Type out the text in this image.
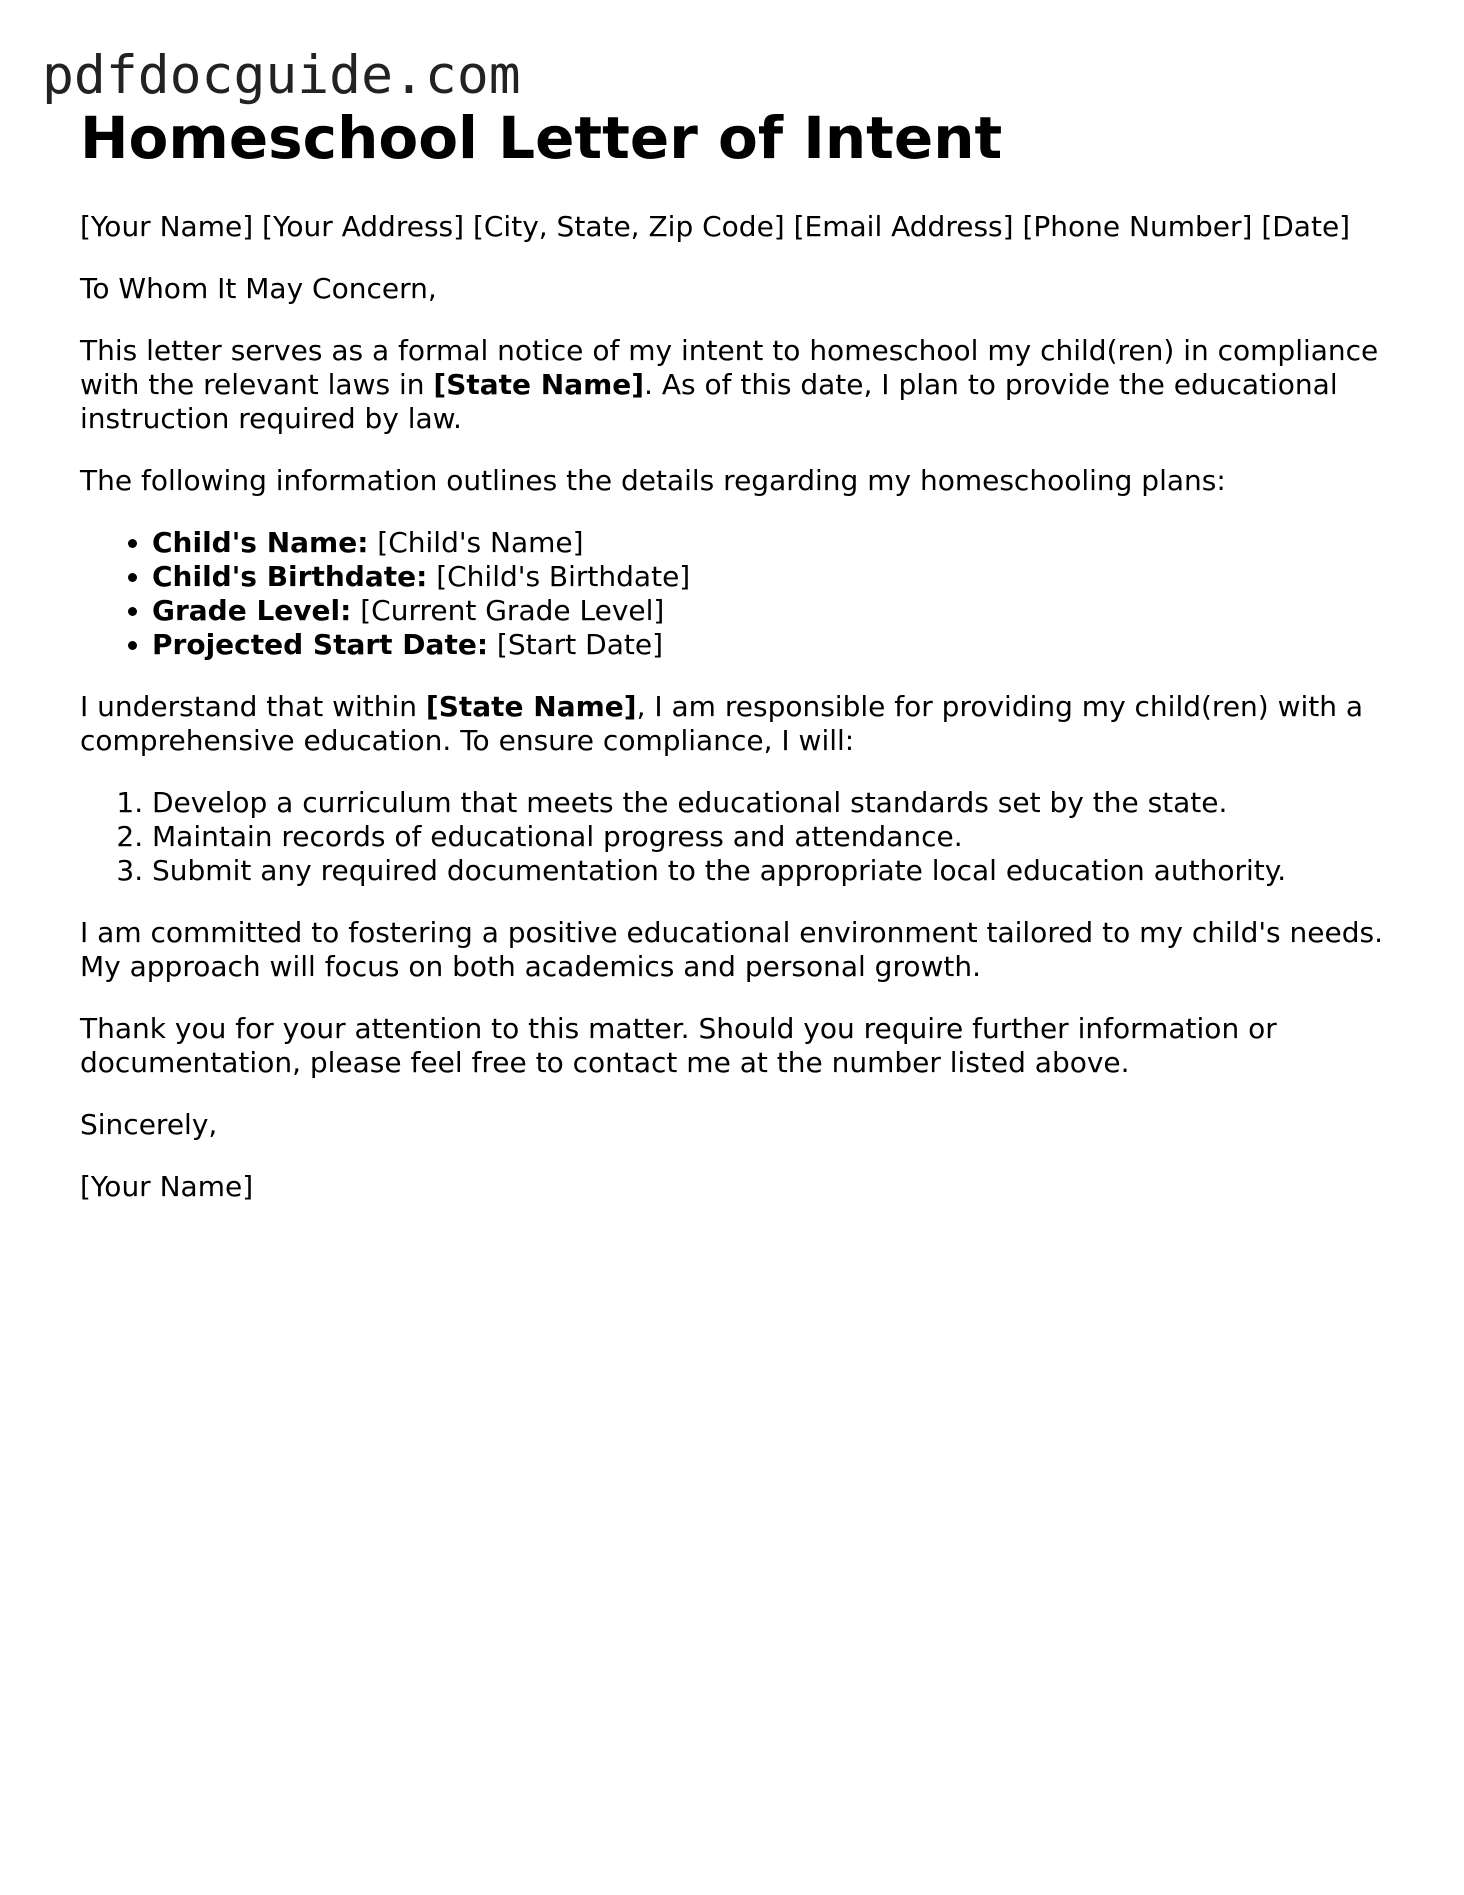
pdfdocguide.com
Homeschool Letter of Intent

[Your Name] [Your Address] [City, State, Zip Code] [Email Address] [Phone Number] [Date]

To Whom It May Concern,

This letter serves as a formal notice of my intent to homeschool my child(ren) in compliance with the relevant laws in [State Name]. As of this date, I plan to provide the educational instruction required by law.

The following information outlines the details regarding my homeschooling plans:

• Child's Name: [Child's Name]
• Child's Birthdate: [Child's Birthdate]
• Grade Level: [Current Grade Level]
• Projected Start Date: [Start Date]

I understand that within [State Name], I am responsible for providing my child(ren) with a comprehensive education. To ensure compliance, I will:

1. Develop a curriculum that meets the educational standards set by the state.
2. Maintain records of educational progress and attendance.
3. Submit any required documentation to the appropriate local education authority.

I am committed to fostering a positive educational environment tailored to my child's needs. My approach will focus on both academics and personal growth.

Thank you for your attention to this matter. Should you require further information or documentation, please feel free to contact me at the number listed above.

Sincerely,

[Your Name]
